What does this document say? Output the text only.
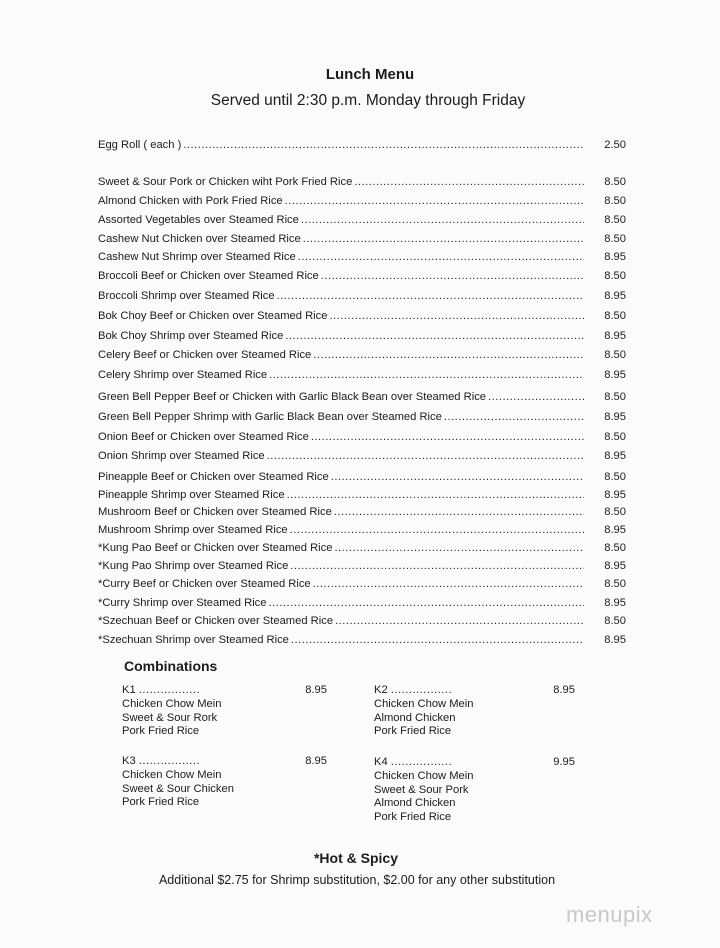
Lunch Menu
Served until 2:30 p.m. Monday through Friday
Egg Roll ( each ) .....	2.50
Sweet & Sour Pork or Chicken wiht Pork Fried Rice .....	8.50
Almond Chicken with Pork Fried Rice .....	8.50
Assorted Vegetables over Steamed Rice .....	8.50
Cashew Nut Chicken over Steamed Rice .....	8.50
Cashew Nut Shrimp over Steamed Rice .....	8.95
Broccoli Beef or Chicken over Steamed Rice .....	8.50
Broccoli Shrimp over Steamed Rice .....	8.95
Bok Choy Beef or Chicken over Steamed Rice .....	8.50
Bok Choy Shrimp over Steamed Rice .....	8.95
Celery Beef or Chicken over Steamed Rice .....	8.50
Celery Shrimp over Steamed Rice .....	8.95
Green Bell Pepper Beef or Chicken with Garlic Black Bean over Steamed Rice .....	8.50
Green Bell Pepper Shrimp with Garlic Black Bean over Steamed Rice .....	8.95
Onion Beef or Chicken over Steamed Rice .....	8.50
Onion Shrimp over Steamed Rice .....	8.95
Pineapple Beef or Chicken over Steamed Rice .....	8.50
Pineapple Shrimp over Steamed Rice .....	8.95
Mushroom Beef or Chicken over Steamed Rice .....	8.50
Mushroom Shrimp over Steamed Rice .....	8.95
*Kung Pao Beef or Chicken over Steamed Rice .....	8.50
*Kung Pao Shrimp over Steamed Rice .....	8.95
*Curry Beef or Chicken over Steamed Rice .....	8.50
*Curry Shrimp over Steamed Rice .....	8.95
*Szechuan Beef or Chicken over Steamed Rice .....	8.50
*Szechuan Shrimp over Steamed Rice .....	8.95
Combinations
K1 .................	8.95
Chicken Chow Mein
Sweet & Sour Rork
Pork Fried Rice
K2 .................	8.95
Chicken Chow Mein
Almond Chicken
Pork Fried Rice
K3 .................	8.95
Chicken Chow Mein
Sweet & Sour Chicken
Pork Fried Rice
K4 .................	9.95
Chicken Chow Mein
Sweet & Sour Pork
Almond Chicken
Pork Fried Rice
*Hot & Spicy
Additional $2.75 for Shrimp substitution, $2.00 for any other substitution
menupix
